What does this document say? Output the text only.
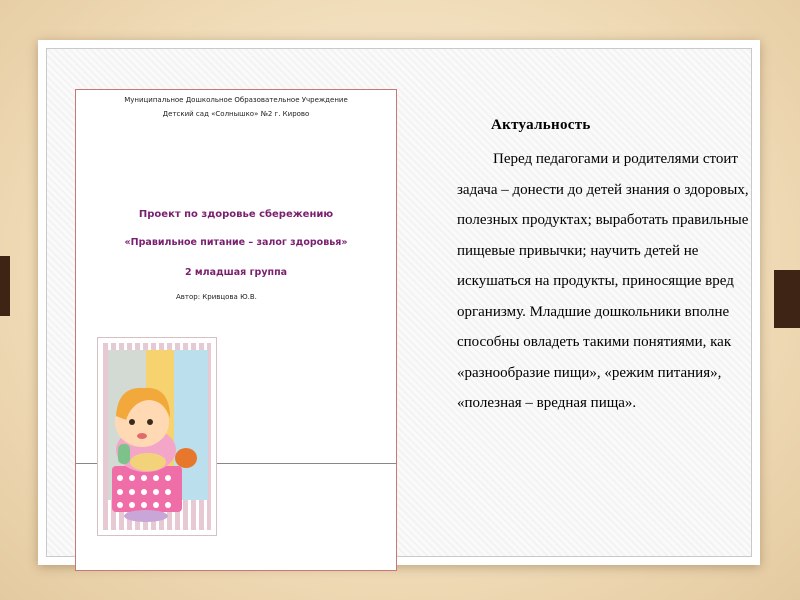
Муниципальное Дошкольное Образовательное Учреждение
Детский сад «Солнышко» №2 г. Кирово
Проект по здоровье сбережению
«Правильное питание – залог здоровья»
2 младшая группа
Автор: Кривцова Ю.В.
Актуальность
Перед педагогами и родителями стоит задача – донести до детей знания о здоровых, полезных продуктах; выработать правильные пищевые привычки; научить детей не искушаться на продукты, приносящие вред организму. Младшие дошкольники вполне способны овладеть такими понятиями, как «разнообразие пищи», «режим питания», «полезная – вредная пища».
